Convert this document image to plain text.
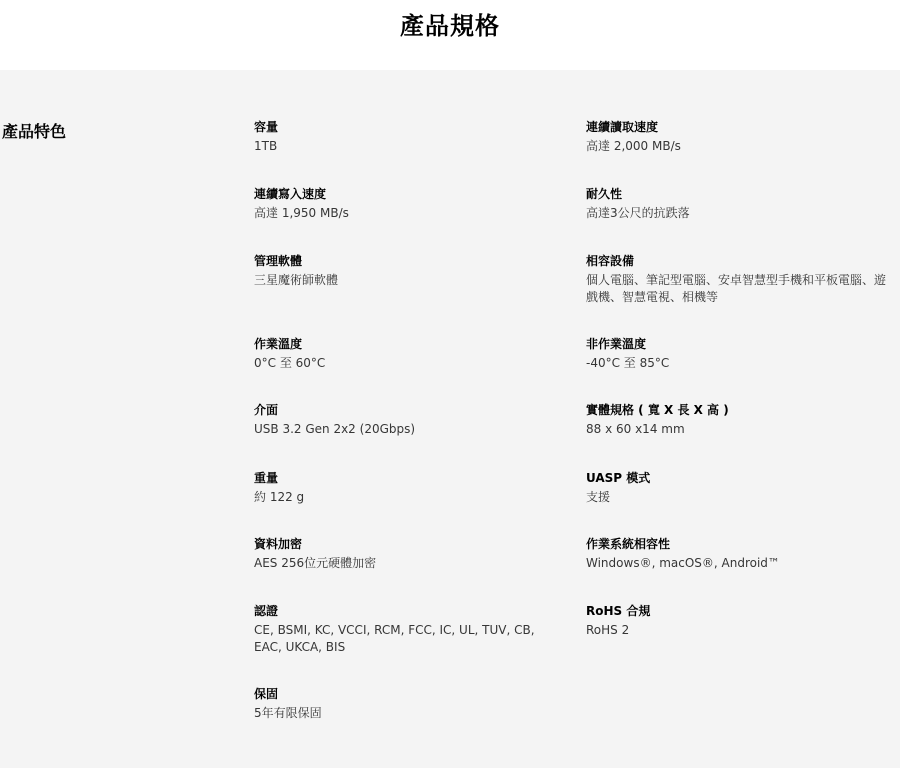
產品規格
產品特色	容量
1TB
連續寫入速度
高達 1,950 MB/s
管理軟體
三星魔術師軟體
作業溫度
0°C 至 60°C
介面
USB 3.2 Gen 2x2 (20Gbps)
重量
約 122 g
資料加密
AES 256位元硬體加密
認證
CE, BSMI, KC, VCCI, RCM, FCC, IC, UL, TUV, CB, EAC, UKCA, BIS
保固
5年有限保固
連續讀取速度
高達 2,000 MB/s
耐久性
高達3公尺的抗跌落
相容設備
個人電腦、筆記型電腦、安卓智慧型手機和平板電腦、遊戲機、智慧電視、相機等
非作業溫度
-40°C 至 85°C
實體規格 ( 寬 X 長 X 高 )
88 x 60 x14 mm
UASP 模式
支援
作業系統相容性
Windows®, macOS®, Android™
RoHS 合規
RoHS 2
